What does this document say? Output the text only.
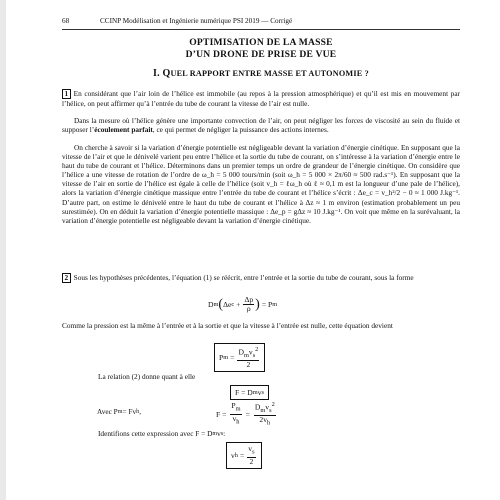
68	CCINP Modélisation et Ingénierie numérique PSI 2019 — Corrigé
OPTIMISATION DE LA MASSE
D’UN DRONE DE PRISE DE VUE
I. QUEL RAPPORT ENTRE MASSE ET AUTONOMIE ?
1 En considérant que l’air loin de l’hélice est immobile (au repos à la pression atmosphérique) et qu’il est mis en mouvement par l’hélice, on peut affirmer qu’à l’entrée du tube de courant la vitesse de l’air est nulle.
Dans la mesure où l’hélice génère une importante convection de l’air, on peut négliger les forces de viscosité au sein du fluide et supposer l’écoulement parfait, ce qui permet de négliger la puissance des actions internes.
On cherche à savoir si la variation d’énergie potentielle est négligeable devant la variation d’énergie cinétique. En supposant que la vitesse de l’air et que le dénivelé varient peu entre l’hélice et la sortie du tube de courant, on s’intéresse à la variation d’énergie entre le haut du tube de courant et l’hélice. Déterminons dans un premier temps un ordre de grandeur de l’énergie cinétique. On considère que l’hélice a une vitesse de rotation de l’ordre de ω_h = 5 000 tours/min (soit ω_h = 5 000 × 2π/60 ≈ 500 rad.s⁻¹). En supposant que la vitesse de l’air en sortie de l’hélice est égale à celle de l’hélice (soit v_h = ℓω_h où ℓ ≈ 0,1 m est la longueur d’une pale de l’hélice), alors la variation d’énergie cinétique massique entre l’entrée du tube de courant et l’hélice s’écrit : Δe_c = v_h²/2 − 0 ≈ 1 000 J.kg⁻¹. D’autre part, on estime le dénivelé entre le haut du tube de courant et l’hélice à Δz ≈ 1 m environ (estimation probablement un peu surestimée). On en déduit la variation d’énergie potentielle massique : Δe_p = gΔz ≈ 10 J.kg⁻¹. On voit que même en la surévaluant, la variation d’énergie potentielle est négligeable devant la variation d’énergie cinétique.
2 Sous les hypothèses précédentes, l’équation (1) se réécrit, entre l’entrée et la sortie du tube de courant, sous la forme
D m ( Δe $c + \frac{\Delta p}{\rho}$ ) = P m
Comme la pression est la même à l’entrée et à la sortie et que la vitesse à l’entrée est nulle, cette équation devient
P $m = \frac{D_mv_s^2}{2}$
La relation (2) donne quant à elle
F = D m v s
Avec P m = Fv h ,	$F = \frac{P_m}{v_h} = \frac{D_mv_s^2}{2v_h}$
Identifions cette expression avec F = D m v s :
v $h = \frac{v_s}{2}$
